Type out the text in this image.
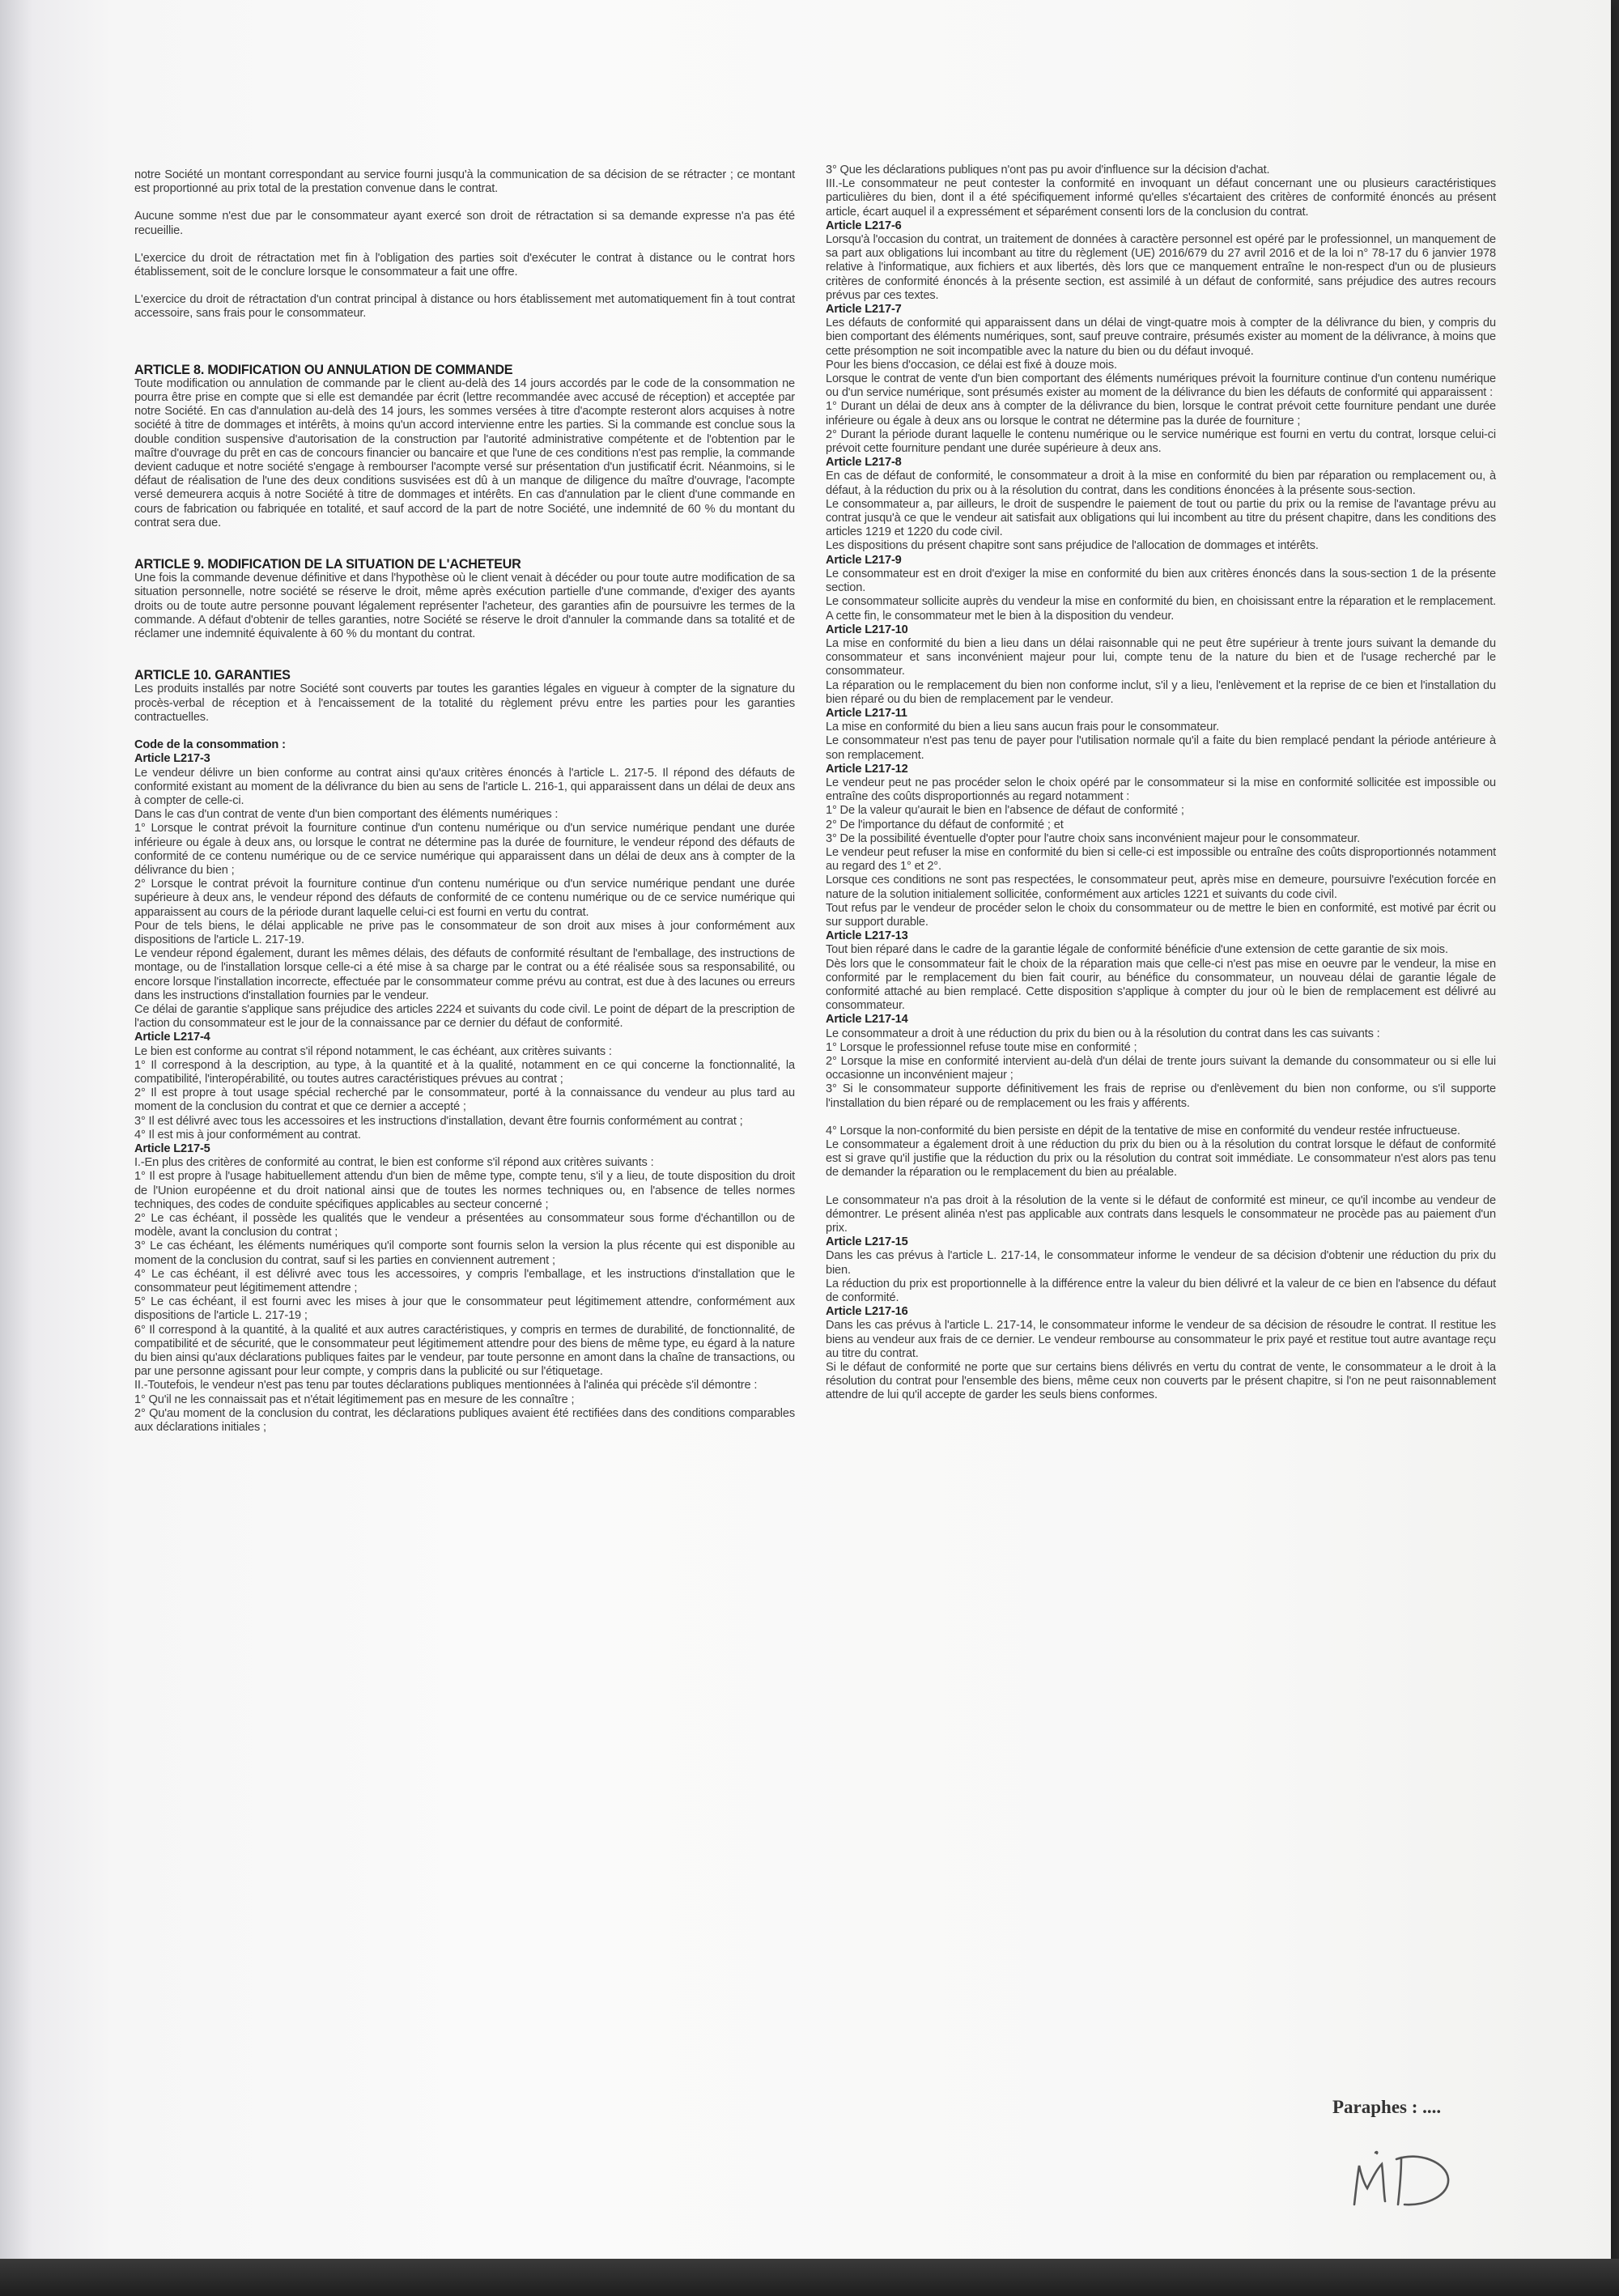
notre Société un montant correspondant au service fourni jusqu'à la communication de sa décision de se rétracter ; ce montant est proportionné au prix total de la prestation convenue dans le contrat.

Aucune somme n'est due par le consommateur ayant exercé son droit de rétractation si sa demande expresse n'a pas été recueillie.

L'exercice du droit de rétractation met fin à l'obligation des parties soit d'exécuter le contrat à distance ou le contrat hors établissement, soit de le conclure lorsque le consommateur a fait une offre.

L'exercice du droit de rétractation d'un contrat principal à distance ou hors établissement met automatiquement fin à tout contrat accessoire, sans frais pour le consommateur.

ARTICLE 8. MODIFICATION OU ANNULATION DE COMMANDE

Toute modification ou annulation de commande par le client au-delà des 14 jours accordés par le code de la consommation ne pourra être prise en compte que si elle est demandée par écrit (lettre recommandée avec accusé de réception) et acceptée par notre Société. En cas d'annulation au-delà des 14 jours, les sommes versées à titre d'acompte resteront alors acquises à notre société à titre de dommages et intérêts, à moins qu'un accord intervienne entre les parties. Si la commande est conclue sous la double condition suspensive d'autorisation de la construction par l'autorité administrative compétente et de l'obtention par le maître d'ouvrage du prêt en cas de concours financier ou bancaire et que l'une de ces conditions n'est pas remplie, la commande devient caduque et notre société s'engage à rembourser l'acompte versé sur présentation d'un justificatif écrit. Néanmoins, si le défaut de réalisation de l'une des deux conditions susvisées est dû à un manque de diligence du maître d'ouvrage, l'acompte versé demeurera acquis à notre Société à titre de dommages et intérêts. En cas d'annulation par le client d'une commande en cours de fabrication ou fabriquée en totalité, et sauf accord de la part de notre Société, une indemnité de 60 % du montant du contrat sera due.

ARTICLE 9. MODIFICATION DE LA SITUATION DE L'ACHETEUR

Une fois la commande devenue définitive et dans l'hypothèse où le client venait à décéder ou pour toute autre modification de sa situation personnelle, notre société se réserve le droit, même après exécution partielle d'une commande, d'exiger des ayants droits ou de toute autre personne pouvant légalement représenter l'acheteur, des garanties afin de poursuivre les termes de la commande. A défaut d'obtenir de telles garanties, notre Société se réserve le droit d'annuler la commande dans sa totalité et de réclamer une indemnité équivalente à 60 % du montant du contrat.

ARTICLE 10. GARANTIES

Les produits installés par notre Société sont couverts par toutes les garanties légales en vigueur à compter de la signature du procès-verbal de réception et à l'encaissement de la totalité du règlement prévu entre les parties pour les garanties contractuelles.

Code de la consommation :

Article L217-3

Le vendeur délivre un bien conforme au contrat ainsi qu'aux critères énoncés à l'article L. 217-5. Il répond des défauts de conformité existant au moment de la délivrance du bien au sens de l'article L. 216-1, qui apparaissent dans un délai de deux ans à compter de celle-ci.

Dans le cas d'un contrat de vente d'un bien comportant des éléments numériques :

1° Lorsque le contrat prévoit la fourniture continue d'un contenu numérique ou d'un service numérique pendant une durée inférieure ou égale à deux ans, ou lorsque le contrat ne détermine pas la durée de fourniture, le vendeur répond des défauts de conformité de ce contenu numérique ou de ce service numérique qui apparaissent dans un délai de deux ans à compter de la délivrance du bien ;

2° Lorsque le contrat prévoit la fourniture continue d'un contenu numérique ou d'un service numérique pendant une durée supérieure à deux ans, le vendeur répond des défauts de conformité de ce contenu numérique ou de ce service numérique qui apparaissent au cours de la période durant laquelle celui-ci est fourni en vertu du contrat.

Pour de tels biens, le délai applicable ne prive pas le consommateur de son droit aux mises à jour conformément aux dispositions de l'article L. 217-19.

Le vendeur répond également, durant les mêmes délais, des défauts de conformité résultant de l'emballage, des instructions de montage, ou de l'installation lorsque celle-ci a été mise à sa charge par le contrat ou a été réalisée sous sa responsabilité, ou encore lorsque l'installation incorrecte, effectuée par le consommateur comme prévu au contrat, est due à des lacunes ou erreurs dans les instructions d'installation fournies par le vendeur.

Ce délai de garantie s'applique sans préjudice des articles 2224 et suivants du code civil. Le point de départ de la prescription de l'action du consommateur est le jour de la connaissance par ce dernier du défaut de conformité.

Article L217-4

Le bien est conforme au contrat s'il répond notamment, le cas échéant, aux critères suivants :

1° Il correspond à la description, au type, à la quantité et à la qualité, notamment en ce qui concerne la fonctionnalité, la compatibilité, l'interopérabilité, ou toutes autres caractéristiques prévues au contrat ;

2° Il est propre à tout usage spécial recherché par le consommateur, porté à la connaissance du vendeur au plus tard au moment de la conclusion du contrat et que ce dernier a accepté ;

3° Il est délivré avec tous les accessoires et les instructions d'installation, devant être fournis conformément au contrat ;

4° Il est mis à jour conformément au contrat.

Article L217-5

I.-En plus des critères de conformité au contrat, le bien est conforme s'il répond aux critères suivants :

1° Il est propre à l'usage habituellement attendu d'un bien de même type, compte tenu, s'il y a lieu, de toute disposition du droit de l'Union européenne et du droit national ainsi que de toutes les normes techniques ou, en l'absence de telles normes techniques, des codes de conduite spécifiques applicables au secteur concerné ;

2° Le cas échéant, il possède les qualités que le vendeur a présentées au consommateur sous forme d'échantillon ou de modèle, avant la conclusion du contrat ;

3° Le cas échéant, les éléments numériques qu'il comporte sont fournis selon la version la plus récente qui est disponible au moment de la conclusion du contrat, sauf si les parties en conviennent autrement ;

4° Le cas échéant, il est délivré avec tous les accessoires, y compris l'emballage, et les instructions d'installation que le consommateur peut légitimement attendre ;

5° Le cas échéant, il est fourni avec les mises à jour que le consommateur peut légitimement attendre, conformément aux dispositions de l'article L. 217-19 ;

6° Il correspond à la quantité, à la qualité et aux autres caractéristiques, y compris en termes de durabilité, de fonctionnalité, de compatibilité et de sécurité, que le consommateur peut légitimement attendre pour des biens de même type, eu égard à la nature du bien ainsi qu'aux déclarations publiques faites par le vendeur, par toute personne en amont dans la chaîne de transactions, ou par une personne agissant pour leur compte, y compris dans la publicité ou sur l'étiquetage.

II.-Toutefois, le vendeur n'est pas tenu par toutes déclarations publiques mentionnées à l'alinéa qui précède s'il démontre :

1° Qu'il ne les connaissait pas et n'était légitimement pas en mesure de les connaître ;

2° Qu'au moment de la conclusion du contrat, les déclarations publiques avaient été rectifiées dans des conditions comparables aux déclarations initiales ;

3° Que les déclarations publiques n'ont pas pu avoir d'influence sur la décision d'achat.

III.-Le consommateur ne peut contester la conformité en invoquant un défaut concernant une ou plusieurs caractéristiques particulières du bien, dont il a été spécifiquement informé qu'elles s'écartaient des critères de conformité énoncés au présent article, écart auquel il a expressément et séparément consenti lors de la conclusion du contrat.

Article L217-6

Lorsqu'à l'occasion du contrat, un traitement de données à caractère personnel est opéré par le professionnel, un manquement de sa part aux obligations lui incombant au titre du règlement (UE) 2016/679 du 27 avril 2016 et de la loi n° 78-17 du 6 janvier 1978 relative à l'informatique, aux fichiers et aux libertés, dès lors que ce manquement entraîne le non-respect d'un ou de plusieurs critères de conformité énoncés à la présente section, est assimilé à un défaut de conformité, sans préjudice des autres recours prévus par ces textes.

Article L217-7

Les défauts de conformité qui apparaissent dans un délai de vingt-quatre mois à compter de la délivrance du bien, y compris du bien comportant des éléments numériques, sont, sauf preuve contraire, présumés exister au moment de la délivrance, à moins que cette présomption ne soit incompatible avec la nature du bien ou du défaut invoqué.

Pour les biens d'occasion, ce délai est fixé à douze mois.

Lorsque le contrat de vente d'un bien comportant des éléments numériques prévoit la fourniture continue d'un contenu numérique ou d'un service numérique, sont présumés exister au moment de la délivrance du bien les défauts de conformité qui apparaissent :

1° Durant un délai de deux ans à compter de la délivrance du bien, lorsque le contrat prévoit cette fourniture pendant une durée inférieure ou égale à deux ans ou lorsque le contrat ne détermine pas la durée de fourniture ;

2° Durant la période durant laquelle le contenu numérique ou le service numérique est fourni en vertu du contrat, lorsque celui-ci prévoit cette fourniture pendant une durée supérieure à deux ans.

Article L217-8

En cas de défaut de conformité, le consommateur a droit à la mise en conformité du bien par réparation ou remplacement ou, à défaut, à la réduction du prix ou à la résolution du contrat, dans les conditions énoncées à la présente sous-section.

Le consommateur a, par ailleurs, le droit de suspendre le paiement de tout ou partie du prix ou la remise de l'avantage prévu au contrat jusqu'à ce que le vendeur ait satisfait aux obligations qui lui incombent au titre du présent chapitre, dans les conditions des articles 1219 et 1220 du code civil.

Les dispositions du présent chapitre sont sans préjudice de l'allocation de dommages et intérêts.

Article L217-9

Le consommateur est en droit d'exiger la mise en conformité du bien aux critères énoncés dans la sous-section 1 de la présente section.

Le consommateur sollicite auprès du vendeur la mise en conformité du bien, en choisissant entre la réparation et le remplacement. A cette fin, le consommateur met le bien à la disposition du vendeur.

Article L217-10

La mise en conformité du bien a lieu dans un délai raisonnable qui ne peut être supérieur à trente jours suivant la demande du consommateur et sans inconvénient majeur pour lui, compte tenu de la nature du bien et de l'usage recherché par le consommateur.

La réparation ou le remplacement du bien non conforme inclut, s'il y a lieu, l'enlèvement et la reprise de ce bien et l'installation du bien réparé ou du bien de remplacement par le vendeur.

Article L217-11

La mise en conformité du bien a lieu sans aucun frais pour le consommateur.

Le consommateur n'est pas tenu de payer pour l'utilisation normale qu'il a faite du bien remplacé pendant la période antérieure à son remplacement.

Article L217-12

Le vendeur peut ne pas procéder selon le choix opéré par le consommateur si la mise en conformité sollicitée est impossible ou entraîne des coûts disproportionnés au regard notamment :

1° De la valeur qu'aurait le bien en l'absence de défaut de conformité ;

2° De l'importance du défaut de conformité ; et

3° De la possibilité éventuelle d'opter pour l'autre choix sans inconvénient majeur pour le consommateur.

Le vendeur peut refuser la mise en conformité du bien si celle-ci est impossible ou entraîne des coûts disproportionnés notamment au regard des 1° et 2°.

Lorsque ces conditions ne sont pas respectées, le consommateur peut, après mise en demeure, poursuivre l'exécution forcée en nature de la solution initialement sollicitée, conformément aux articles 1221 et suivants du code civil.

Tout refus par le vendeur de procéder selon le choix du consommateur ou de mettre le bien en conformité, est motivé par écrit ou sur support durable.

Article L217-13

Tout bien réparé dans le cadre de la garantie légale de conformité bénéficie d'une extension de cette garantie de six mois.

Dès lors que le consommateur fait le choix de la réparation mais que celle-ci n'est pas mise en oeuvre par le vendeur, la mise en conformité par le remplacement du bien fait courir, au bénéfice du consommateur, un nouveau délai de garantie légale de conformité attaché au bien remplacé. Cette disposition s'applique à compter du jour où le bien de remplacement est délivré au consommateur.

Article L217-14

Le consommateur a droit à une réduction du prix du bien ou à la résolution du contrat dans les cas suivants :

1° Lorsque le professionnel refuse toute mise en conformité ;

2° Lorsque la mise en conformité intervient au-delà d'un délai de trente jours suivant la demande du consommateur ou si elle lui occasionne un inconvénient majeur ;

3° Si le consommateur supporte définitivement les frais de reprise ou d'enlèvement du bien non conforme, ou s'il supporte l'installation du bien réparé ou de remplacement ou les frais y afférents.

4° Lorsque la non-conformité du bien persiste en dépit de la tentative de mise en conformité du vendeur restée infructueuse.

Le consommateur a également droit à une réduction du prix du bien ou à la résolution du contrat lorsque le défaut de conformité est si grave qu'il justifie que la réduction du prix ou la résolution du contrat soit immédiate. Le consommateur n'est alors pas tenu de demander la réparation ou le remplacement du bien au préalable.

Le consommateur n'a pas droit à la résolution de la vente si le défaut de conformité est mineur, ce qu'il incombe au vendeur de démontrer. Le présent alinéa n'est pas applicable aux contrats dans lesquels le consommateur ne procède pas au paiement d'un prix.

Article L217-15

Dans les cas prévus à l'article L. 217-14, le consommateur informe le vendeur de sa décision d'obtenir une réduction du prix du bien.

La réduction du prix est proportionnelle à la différence entre la valeur du bien délivré et la valeur de ce bien en l'absence du défaut de conformité.

Article L217-16

Dans les cas prévus à l'article L. 217-14, le consommateur informe le vendeur de sa décision de résoudre le contrat. Il restitue les biens au vendeur aux frais de ce dernier. Le vendeur rembourse au consommateur le prix payé et restitue tout autre avantage reçu au titre du contrat.

Si le défaut de conformité ne porte que sur certains biens délivrés en vertu du contrat de vente, le consommateur a le droit à la résolution du contrat pour l'ensemble des biens, même ceux non couverts par le présent chapitre, si l'on ne peut raisonnablement attendre de lui qu'il accepte de garder les seuls biens conformes.

Paraphes : ....
